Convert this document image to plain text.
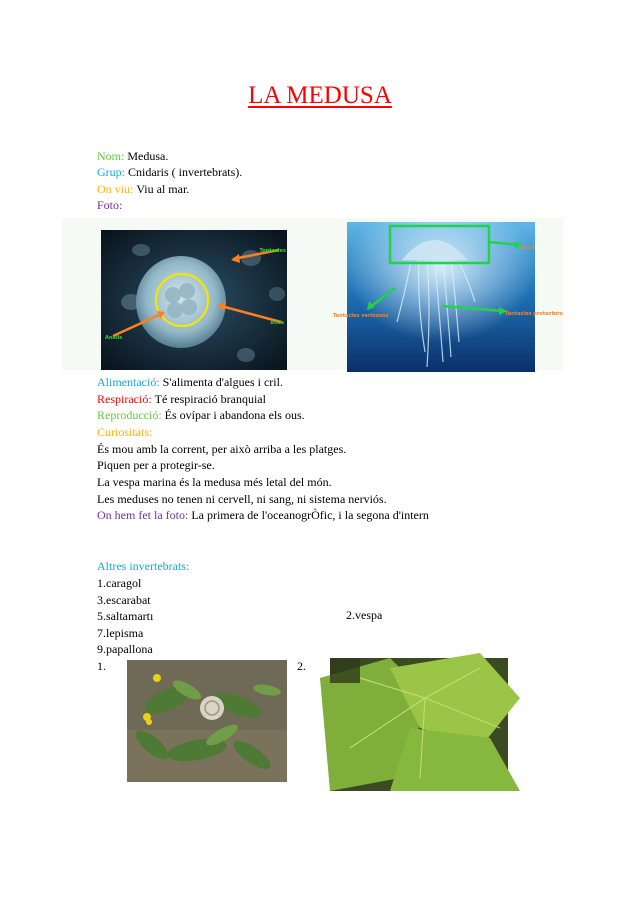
LA MEDUSA
Nom: Medusa.
Grup: Cnidaris ( invertebrats).
On viu: Viu al mar.
Foto:
Tentacles
Boca
Anells
Boca
Tentacles verinosos	Tentacles protectors
Alimentació: S'alimenta d'algues i cril.
Respiració: Té respiració branquial
Reproducció: És ovípar i abandona els ous.
Curiositats:
És mou amb la corrent, per això arriba a les platges.
Piquen per a protegir-se.
La vespa marina és la medusa més letal del món.
Les meduses no tenen ni cervell, ni sang, ni sistema nerviós.
On hem fet la foto: La primera de l'oceanogrÒfic, i la segona d'intern
Altres invertebrats:
1.caragol
3.escarabat
5.saltamartı
7.lepisma
9.papallona

2.vespa

1.	2.
